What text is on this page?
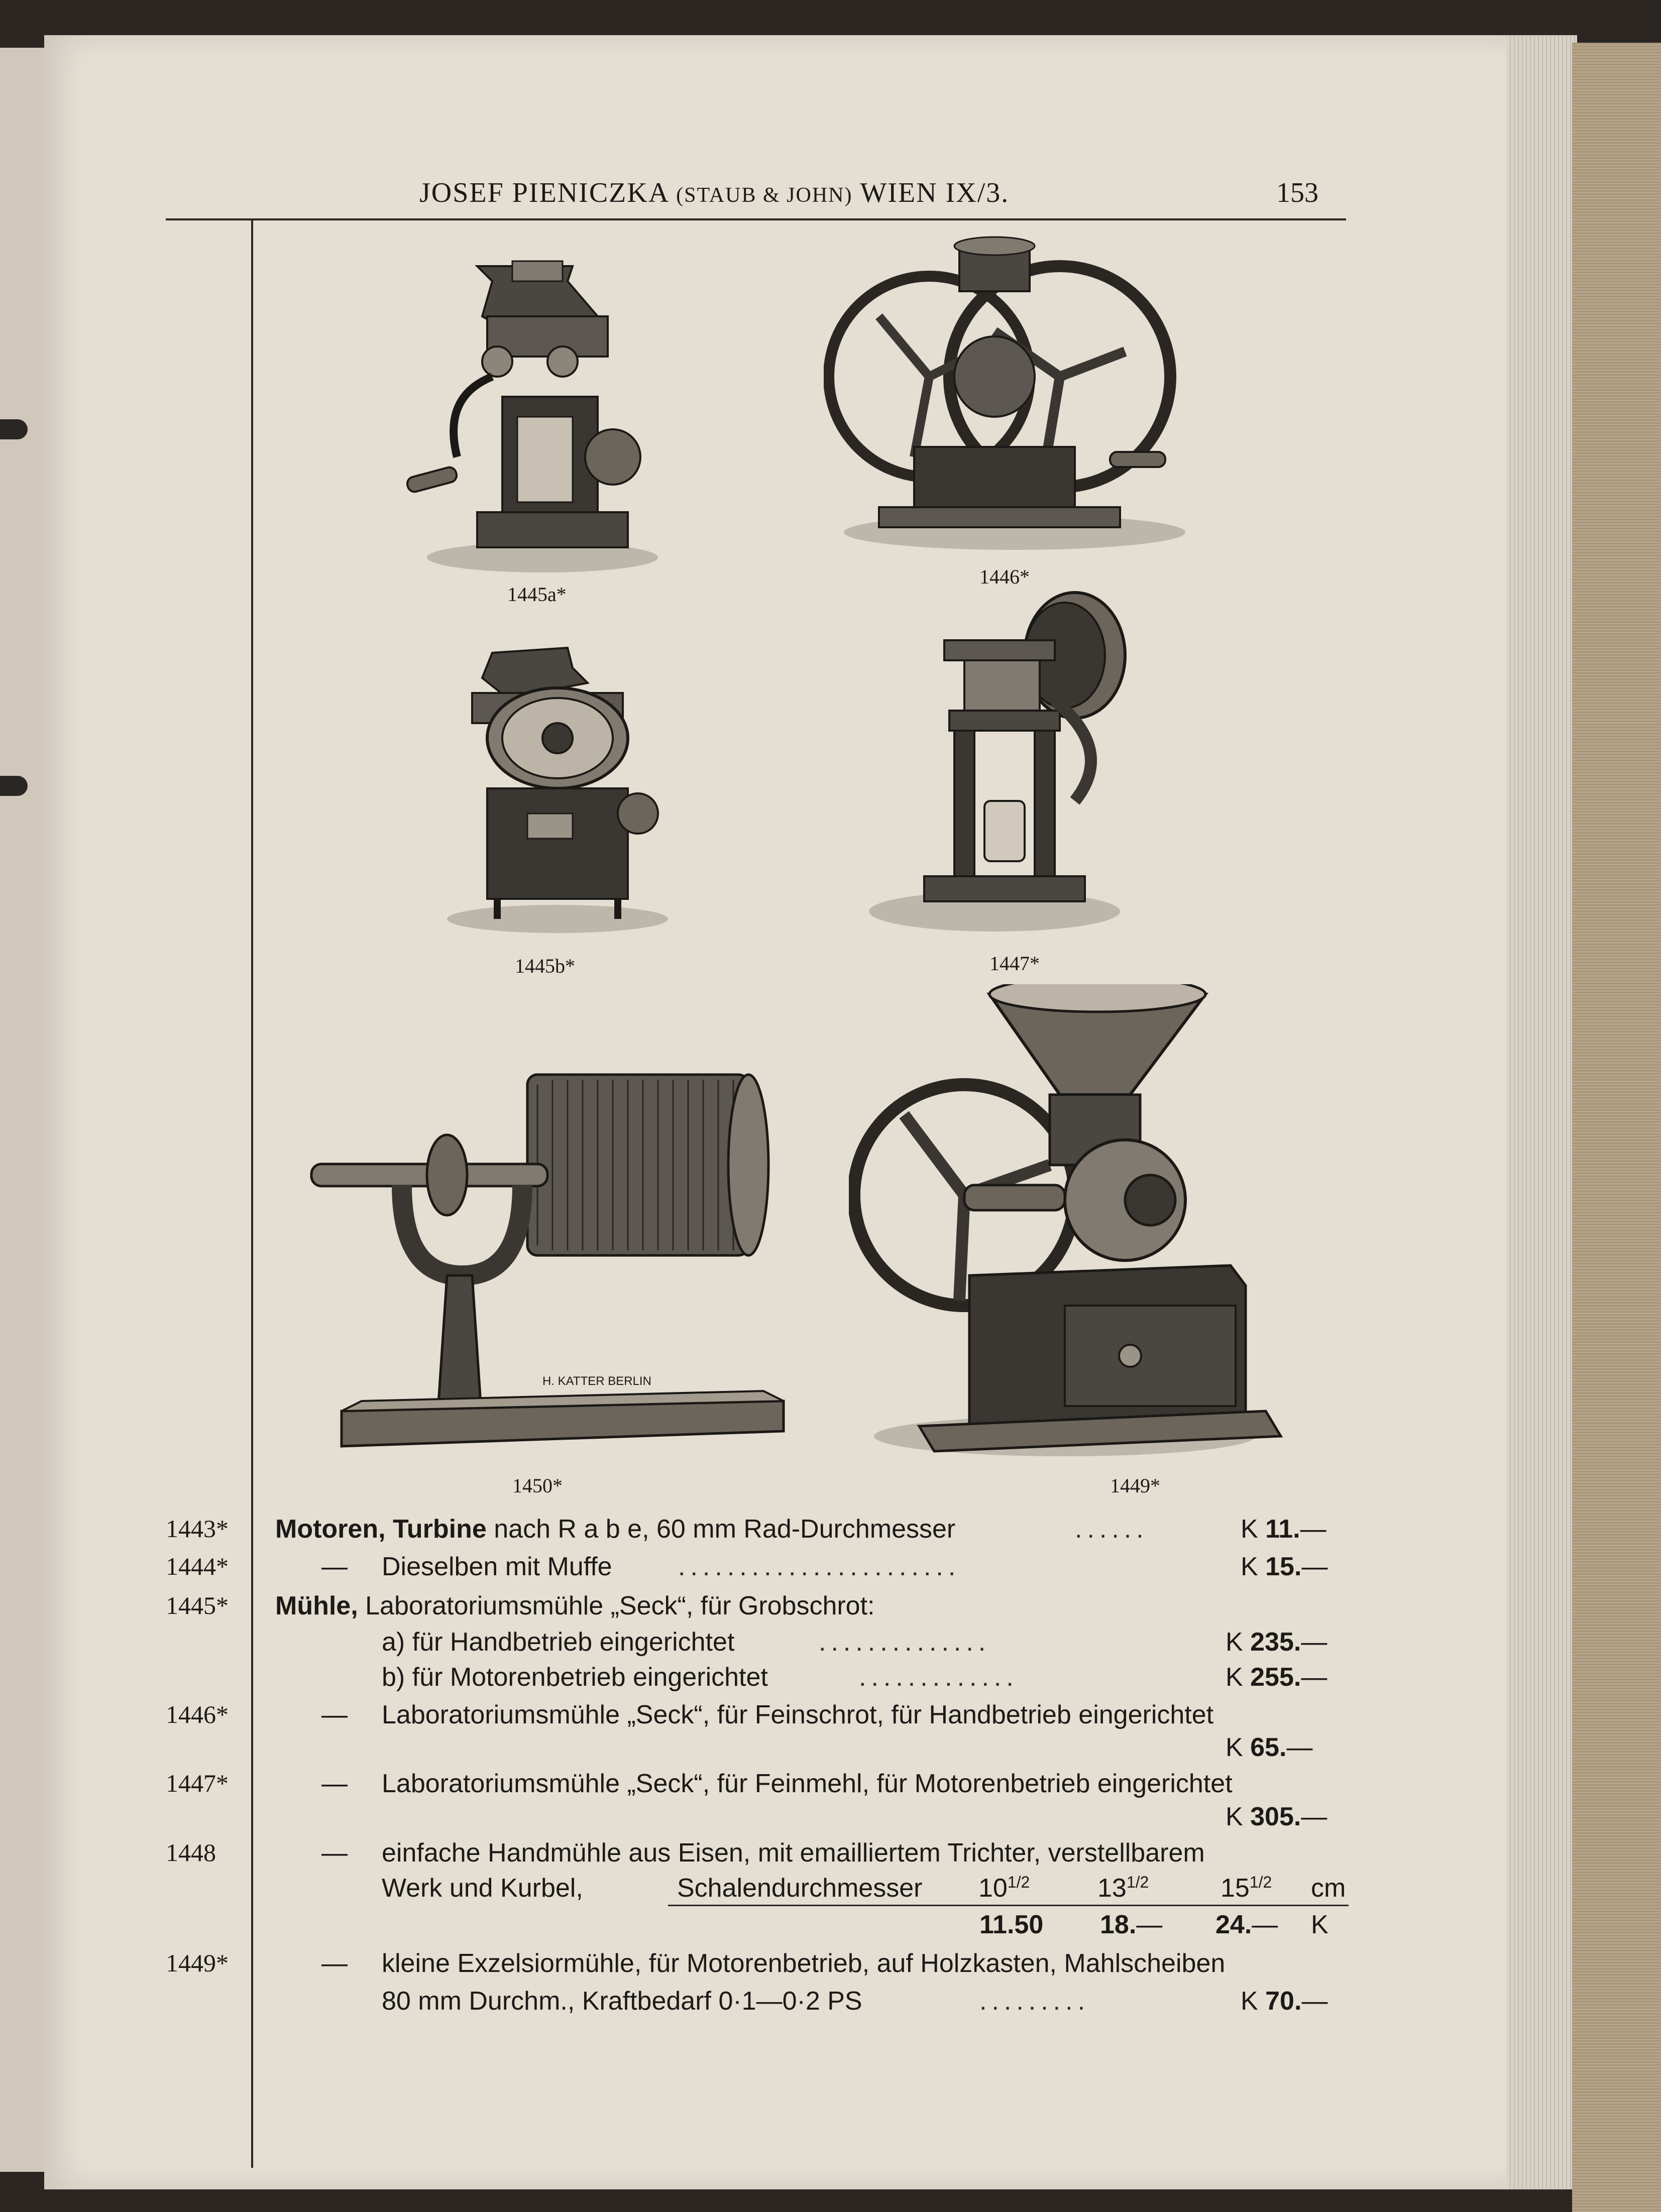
JOSEF PIENICZKA (STAUB & JOHN) WIEN IX/3.	153
1445a*
1446*
1445b*	1447*
H. KATTER BERLIN
1450*	1449*
1443* Motoren, Turbine nach R a b e, 60 mm Rad-Durchmesser	......	K 11.—
1444*	— Dieselben mit Muffe	.......................	K 15.—
1445* Mühle, Laboratoriumsmühle „Seck“, für Grobschrot:
a) für Handbetrieb eingerichtet	..............	K 235.—
b) für Motorenbetrieb eingerichtet	.............	K 255.—
1446*	— Laboratoriumsmühle „Seck“, für Feinschrot, für Handbetrieb eingerichtet
K 65.—
1447*	— Laboratoriumsmühle „Seck“, für Feinmehl, für Motorenbetrieb eingerichtet
K 305.—
1448	— einfache Handmühle aus Eisen, mit emailliertem Trichter, verstellbarem
Werk und Kurbel,	Schalendurchmesser $10^{1/2}$	$13^{1/2}$	$15^{1/2}$ cm
11.50 18.— 24.— K
1449*	— kleine Exzelsiormühle, für Motorenbetrieb, auf Holzkasten, Mahlscheiben
80 mm Durchm., Kraftbedarf 0·1—0·2 PS	.........	K 70.—
